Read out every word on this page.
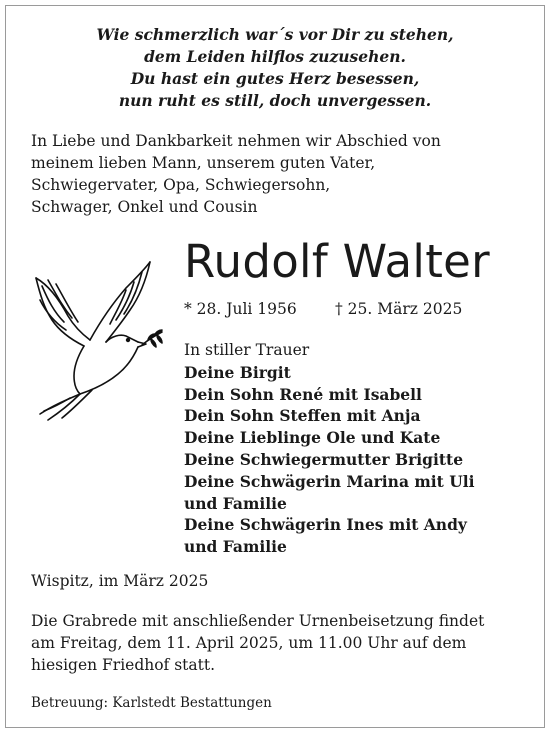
Wie schmerzlich war´s vor Dir zu stehen,
dem Leiden hilflos zuzusehen.
Du hast ein gutes Herz besessen,
nun ruht es still, doch unvergessen.
In Liebe und Dankbarkeit nehmen wir Abschied von
meinem lieben Mann, unserem guten Vater,
Schwiegervater, Opa, Schwiegersohn,
Schwager, Onkel und Cousin
Rudolf Walter
* 28. Juli 1956 † 25. März 2025
In stiller Trauer
Deine Birgit
Dein Sohn René mit Isabell
Dein Sohn Steffen mit Anja
Deine Lieblinge Ole und Kate
Deine Schwiegermutter Brigitte
Deine Schwägerin Marina mit Uli
und Familie
Deine Schwägerin Ines mit Andy
und Familie
Wispitz, im März 2025
Die Grabrede mit anschließender Urnenbeisetzung findet
am Freitag, dem 11. April 2025, um 11.00 Uhr auf dem
hiesigen Friedhof statt.
Betreuung: Karlstedt Bestattungen
